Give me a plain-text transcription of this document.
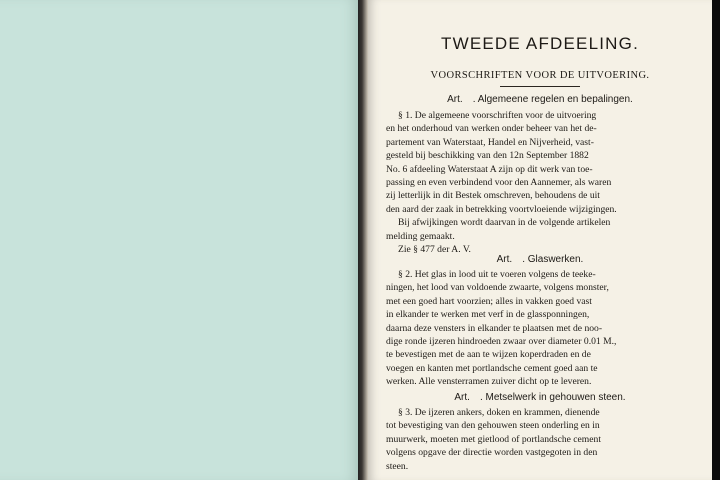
TWEEDE AFDEELING.
VOORSCHRIFTEN VOOR DE UITVOERING.
Art. . Algemeene regelen en bepalingen.
§ 1. De algemeene voorschriften voor de uitvoering
en het onderhoud van werken onder beheer van het de-
partement van Waterstaat, Handel en Nijverheid, vast-
gesteld bij beschikking van den 12n September 1882
No. 6 afdeeling Waterstaat A zijn op dit werk van toe-
passing en even verbindend voor den Aannemer, als waren
zij letterlijk in dit Bestek omschreven, behoudens de uit
den aard der zaak in betrekking voortvloeiende wijzigingen.
Bij afwijkingen wordt daarvan in de volgende artikelen
melding gemaakt.
Zie § 477 der A. V.
Art. . Glaswerken.
§ 2. Het glas in lood uit te voeren volgens de teeke-
ningen, het lood van voldoende zwaarte, volgens monster,
met een goed hart voorzien; alles in vakken goed vast
in elkander te werken met verf in de glassponningen,
daarna deze vensters in elkander te plaatsen met de noo-
dige ronde ijzeren hindroeden zwaar over diameter 0.01 M.,
te bevestigen met de aan te wijzen koperdraden en de
voegen en kanten met portlandsche cement goed aan te
werken. Alle vensterramen zuiver dicht op te leveren.
Art. . Metselwerk in gehouwen steen.
§ 3. De ijzeren ankers, doken en krammen, dienende
tot bevestiging van den gehouwen steen onderling en in
muurwerk, moeten met gietlood of portlandsche cement
volgens opgave der directie worden vastgegoten in den
steen.
